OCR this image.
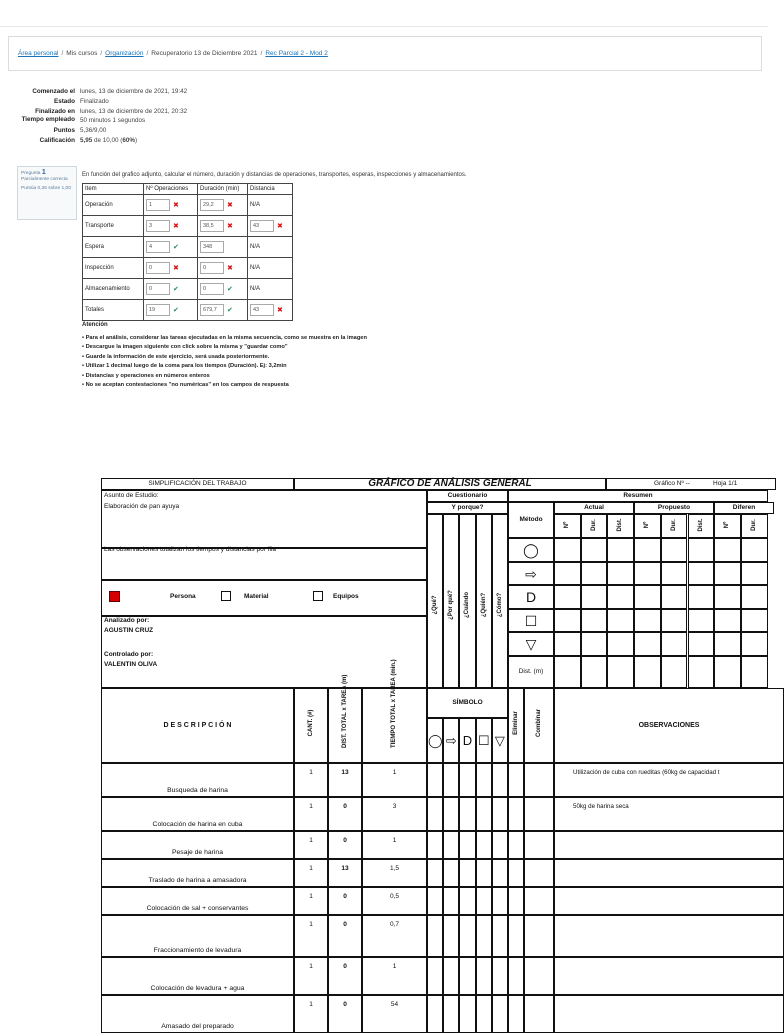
Área personal / Mis cursos / Organización / Recuperatorio 13 de Diciembre 2021 / Rec Parcial 2 - Mod 2
Comenzado el lunes, 13 de diciembre de 2021, 19:42
Estado Finalizado
Finalizado en lunes, 13 de diciembre de 2021, 20:32
Tiempo empleado 50 minutos 1 segundos
Puntos 5,36/9,00
Calificación 5,95 de 10,00 (60%)
Pregunta 1
Parcialmente correcta
Puntúa 0,36 sobre 1,00
En función del grafico adjunto, calcular el número, duración y distancias de operaciones, transportes, esperas, inspecciones y almacenamientos.
Item	Nº Operaciones	Duración (min)	Distancia
Operación	1 ✖	29,2 ✖	N/A
Transporte	3 ✖	38,5 ✖	43 ✖

Espera	4 ✔	348	N/A
Inspección	0 ✖	0 ✖	N/A
Almacenamiento	0 ✔	0 ✔	N/A
Totales	19 ✔	679,7 ✔	43 ✖
Atención
• Para el análisis, considerar las tareas ejecutadas en la misma secuencia, como se muestra en la imagen
• Descargue la imagen siguiente con click sobre la misma y "guardar como"
• Guarde la información de este ejercicio, será usada posteriormente.
• Utilizar 1 decimal luego de la coma para los tiempos (Duración). Ej: 3,2min
• Distancias y operaciones en números enteros
• No se aceptan contestaciones "no numéricas" en los campos de respuesta
SIMPLIFICACIÓN DEL TRABAJO	GRÁFICO DE ANÁLISIS GENERAL	Gráfico Nº --	Hoja 1/1
Asunto de Estudio:
Elaboración de pan ayuya
Las observaciones totalizan los tiempos y distancias por fila
Persona	Material	Equipos
Analizado por:
AGUSTIN CRUZ
Controlado por:
VALENTIN OLIVA
Cuestionario
Y porque?
¿Qué? ¿Por qué? ¿Cuándo ¿Quién? ¿Cómo?
Resumen
Método
Actual	Propuesto	Diferen
Nº	Dur.	Dist.	Nº	Dur.	Dist.	Nº	Dur.
◯
⇨
D
☐
▽
Dist. (m)
D E S C R I P C I Ó N	CANT. (#)	DIST. TOTAL x TAREA (m)	TIEMPO TOTAL x TAREA (min.)	SÍMBOLO
◯ ⇨ D ☐ ▽
Eliminar	Combinar	OBSERVACIONES
Busqueda de harina
1	13	1	Utilización de cuba con rueditas (60kg de capacidad t
Colocación de harina en cuba
1	0	3	50kg de harina seca
Pesaje de harina
1	0	1
Traslado de harina a amasadora
1	13	1,5
Colocación de sal + conservantes
1	0	0,5
Fraccionamiento de levadura
1	0	0,7
Colocación de levadura + agua
1	0	1
Amasado del preparado
1	0	54
